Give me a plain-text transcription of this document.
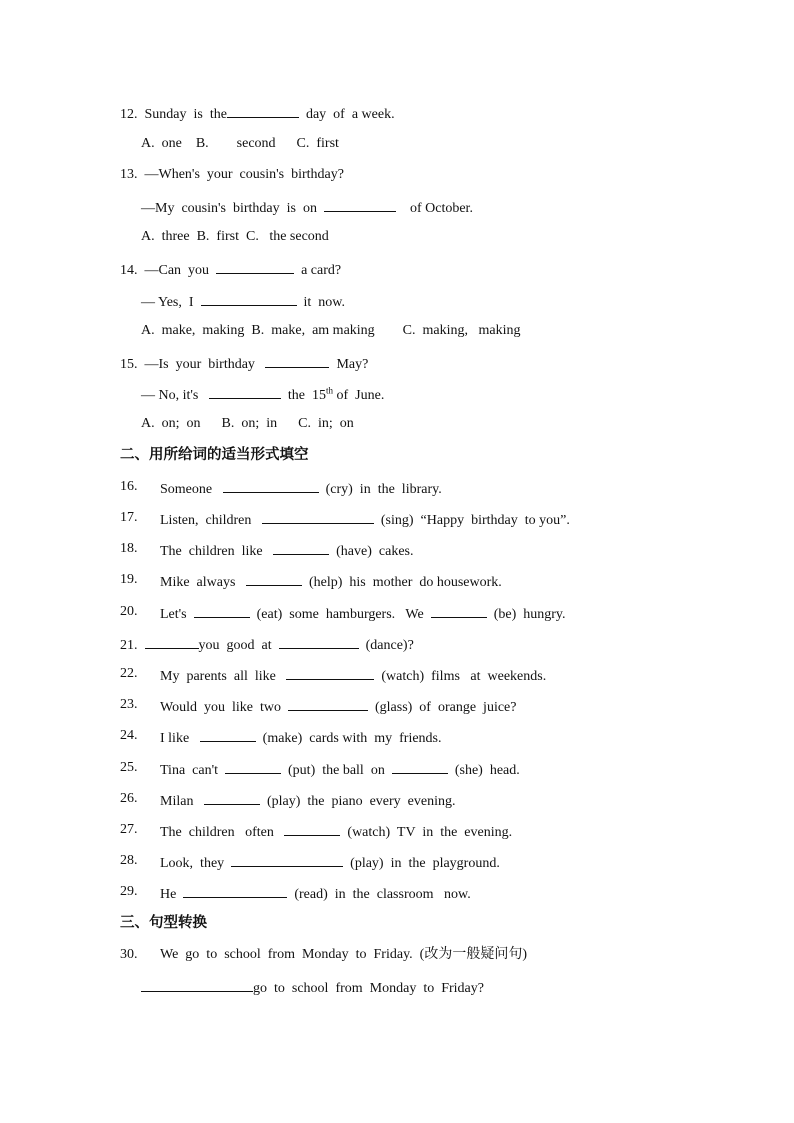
12.  Sunday  is  the	day  of  a week.
A.  one    B.        second      C.  first
13.  —When's  your  cousin's  birthday?
—My  cousin's  birthday  is  on	of October.
A.  three  B.  first  C.   the second
14.  —Can  you	a card?
— Yes,  I	it  now.
A.  make,  making  B.  make,  am making        C.  making,   making
15.  —Is  your  birthday	May?
— No, it's	the  15th of  June.
A.  on;  on      B.  on;  in      C.  in;  on
二、用所给词的适当形式填空
16. Someone	(cry)  in  the  library.
17. Listen,  children	(sing)  “Happy  birthday  to you”.
18. The  children  like	(have)  cakes.
19. Mike  always	(help)  his  mother  do housework.
20. Let's	(eat)  some  hamburgers.   We	(be)  hungry.
21.	you  good  at	(dance)?
22. My  parents  all  like	(watch)  films   at  weekends.
23. Would  you  like  two	(glass)  of  orange  juice?
24. I like	(make)  cards with  my  friends.
25. Tina  can't	(put)  the ball  on	(she)  head.
26. Milan	(play)  the  piano  every  evening.
27. The  children   often	(watch)  TV  in  the  evening.
28. Look,  they	(play)  in  the  playground.
29. He	(read)  in  the  classroom   now.
三、句型转换
30. We  go  to  school  from  Monday  to  Friday.  (改为一般疑问句)
go  to  school  from  Monday  to  Friday?
